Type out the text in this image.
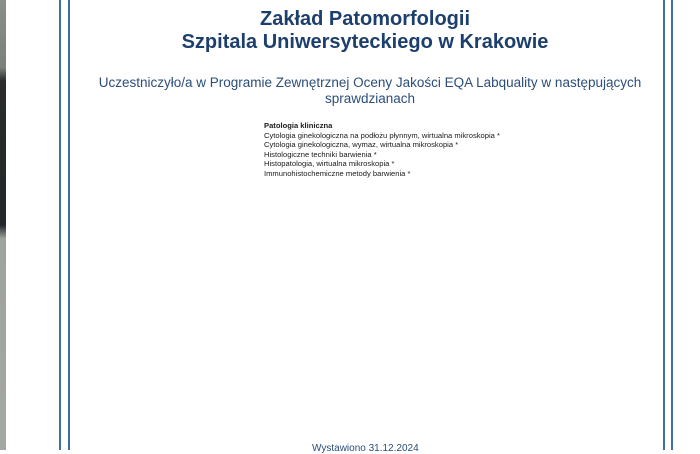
Zakład Patomorfologii
Szpitala Uniwersyteckiego w Krakowie
Uczestniczyło/a w Programie Zewnętrznej Oceny Jakości EQA Labquality w następujących sprawdzianach
Patologia kliniczna
Cytologia ginekologiczna na podłożu płynnym, wirtualna mikroskopia *
Cytologia ginekologiczna, wymaz, wirtualna mikroskopia *
Histologiczne techniki barwienia *
Histopatologia, wirtualna mikroskopia *
Immunohistochemiczne metody barwienia *
Wystawiono 31.12.2024
